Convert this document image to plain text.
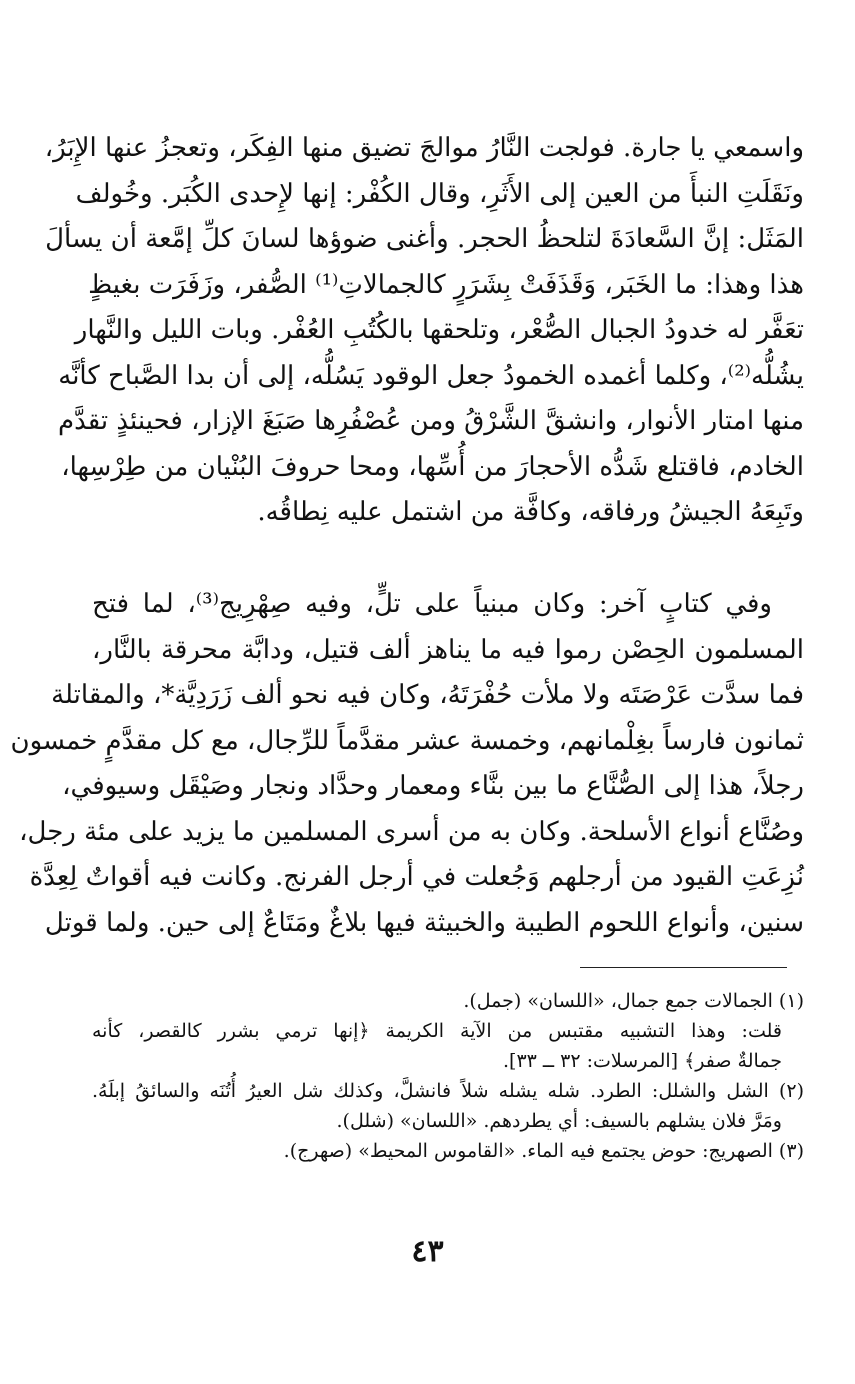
واسمعي يا جارة. فولجت النَّارُ موالجَ تضيق منها الفِكَر، وتعجزُ عنها الإِبَرُ،
ونَقَلَتِ النبأَ من العين إلى الأَثَرِ، وقال الكُفْر: إنها لإِحدى الكُبَر. وخُولف
المَثَل: إنَّ السَّعادَةَ لتلحظُ الحجر. وأغنى ضوؤها لسانَ كلِّ إمَّعة أن يسألَ
هذا وهذا: ما الخَبَر، وَقَذَفَتْ بِشَرَرٍ كالجمالاتِ⁽¹⁾ الصُّفر، وزَفَرَت بغيظٍ
تعَفَّر له خدودُ الجبال الصُّعْر، وتلحقها بالكُتُبِ العُفْر. وبات الليل والنَّهار
يشُلُّه⁽²⁾، وكلما أغمده الخمودُ جعل الوقود يَسُلُّه، إلى أن بدا الصَّباح كأنَّه
منها امتار الأنوار، وانشقَّ الشَّرْقُ ومن عُصْفُرِها صَبَغَ الإزار، فحينئذٍ تقدَّم
الخادم، فاقتلع شَدُّه الأحجارَ من أُسِّها، ومحا حروفَ البُنْيان من طِرْسِها،
وتَبِعَهُ الجيشُ ورفاقه، وكافَّة من اشتمل عليه نِطاقُه.
وفي كتابٍ آخر: وكان مبنياً على تلٍّ، وفيه صِهْرِيج⁽³⁾، لما فتح
المسلمون الحِصْن رموا فيه ما يناهز ألف قتيل، ودابَّة محرقة بالنَّار،
فما سدَّت عَرْصَتَه ولا ملأت حُفْرَتَهُ، وكان فيه نحو ألف زَرَدِيَّة*، والمقاتلة
ثمانون فارساً بغِلْمانهم، وخمسة عشر مقدَّماً للرِّجال، مع كل مقدَّمٍ خمسون
رجلاً، هذا إلى الصُّنَّاع ما بين بنَّاء ومعمار وحدَّاد ونجار وصَيْقَل وسيوفي،
وصُنَّاع أنواع الأسلحة. وكان به من أسرى المسلمين ما يزيد على مئة رجل،
نُزِعَتِ القيود من أرجلهم وَجُعلت في أرجل الفرنج. وكانت فيه أقواتٌ لِعِدَّة
سنين، وأنواع اللحوم الطيبة والخبيثة فيها بلاغٌ ومَتَاعٌ إلى حين. ولما قوتل
(١) الجمالات جمع جمال، «اللسان» (جمل).
قلت: وهذا التشبيه مقتبس من الآية الكريمة ﴿إنها ترمي بشرر كالقصر، كأنه
جمالةٌ صفر﴾ [المرسلات: ٣٢ ــ ٣٣].
(٢) الشل والشلل: الطرد. شله يشله شلاً فانشلَّ، وكذلك شل العيرُ أُتُنَه والسائقُ إبلَهُ.
ومَرَّ فلان يشلهم بالسيف: أي يطردهم. «اللسان» (شلل).
(٣) الصهريج: حوض يجتمع فيه الماء. «القاموس المحيط» (صهرج).
٤٣
